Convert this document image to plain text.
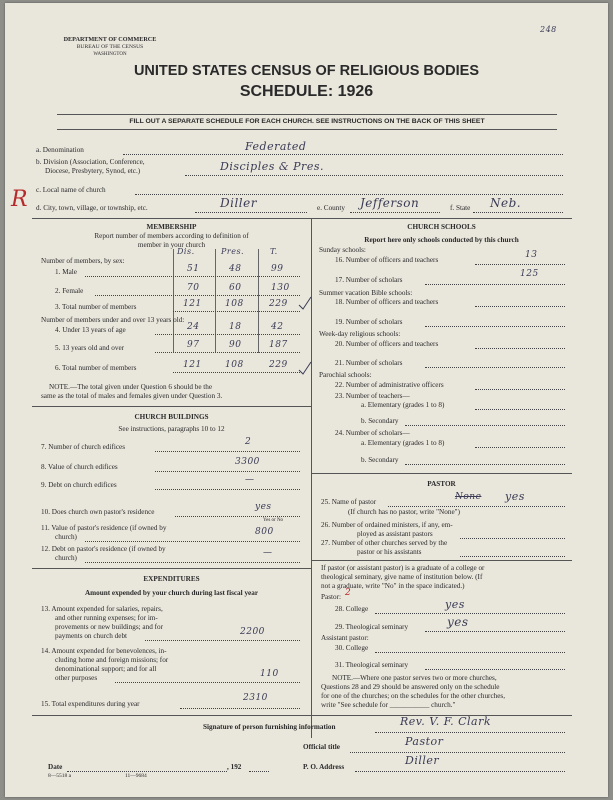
248
DEPARTMENT OF COMMERCE
BUREAU OF THE CENSUS
WASHINGTON
UNITED STATES CENSUS OF RELIGIOUS BODIES
SCHEDULE: 1926
FILL OUT A SEPARATE SCHEDULE FOR EACH CHURCH. SEE INSTRUCTIONS ON THE BACK OF THIS SHEET
a. Denomination	Federated
b. Division (Association, Conference,
Diocese, Presbytery, Synod, etc.)	Disciples & Pres.
R c. Local name of church
d. City, town, village, or township, etc.	Diller	e. County Jefferson	f. State Neb.
MEMBERSHIP
Report number of members according to definition of
member in your church
Dis.	Pres.	T.
Number of members, by sex:
1. Male	51	48	99
2. Female	70	60	130
3. Total number of members	121	108	229
Number of members under and over 13 years old:
4. Under 13 years of age	24	18	42
5. 13 years old and over	97	90	187
6. Total number of members	121	108	229
NOTE.—The total given under Question 6 should be the
same as the total of males and females given under Question 3.
CHURCH BUILDINGS
See instructions, paragraphs 10 to 12
7. Number of church edifices	2
8. Value of church edifices	3300
9. Debt on church edifices	—
10. Does church own pastor's residence	yes
Yes or No
11. Value of pastor's residence (if owned by
church)	800
12. Debt on pastor's residence (if owned by
church)	—
EXPENDITURES
Amount expended by your church during last fiscal year
13. Amount expended for salaries, repairs,
and other running expenses; for im-
provements or new buildings; and for
payments on church debt	2200
14. Amount expended for benevolences, in-
cluding home and foreign missions; for
denominational support; and for all
other purposes	110
15. Total expenditures during year
2310
CHURCH SCHOOLS
Report here only schools conducted by this church
Sunday schools:
16. Number of officers and teachers	13
17. Number of scholars
125
Summer vacation Bible schools:
18. Number of officers and teachers
19. Number of scholars
Week-day religious schools:
20. Number of officers and teachers
21. Number of scholars
Parochial schools:
22. Number of administrative officers
23. Number of teachers—
a. Elementary (grades 1 to 8)
b. Secondary
24. Number of scholars—
a. Elementary (grades 1 to 8)
b. Secondary
PASTOR
25. Name of pastor	None yes
(If church has no pastor, write "None")
26. Number of ordained ministers, if any, em-
ployed as assistant pastors
27. Number of other churches served by the
pastor or his assistants
If pastor (or assistant pastor) is a graduate of a college or
theological seminary, give name of institution below. (If
not a graduate, write "No" in the space indicated.)
Pastor: 2
28. College	yes
29. Theological seminary	yes
Assistant pastor:
30. College
31. Theological seminary
NOTE.—Where one pastor serves two or more churches,
Questions 28 and 29 should be answered only on the schedule
for one of the churches; on the schedules for the other churches,
write "See schedule for ___________ church."
Signature of person furnishing information	Rev. V. F. Clark
Official title	Pastor
Date	, 192	P. O. Address	Diller
8—5518 a	11—9684
